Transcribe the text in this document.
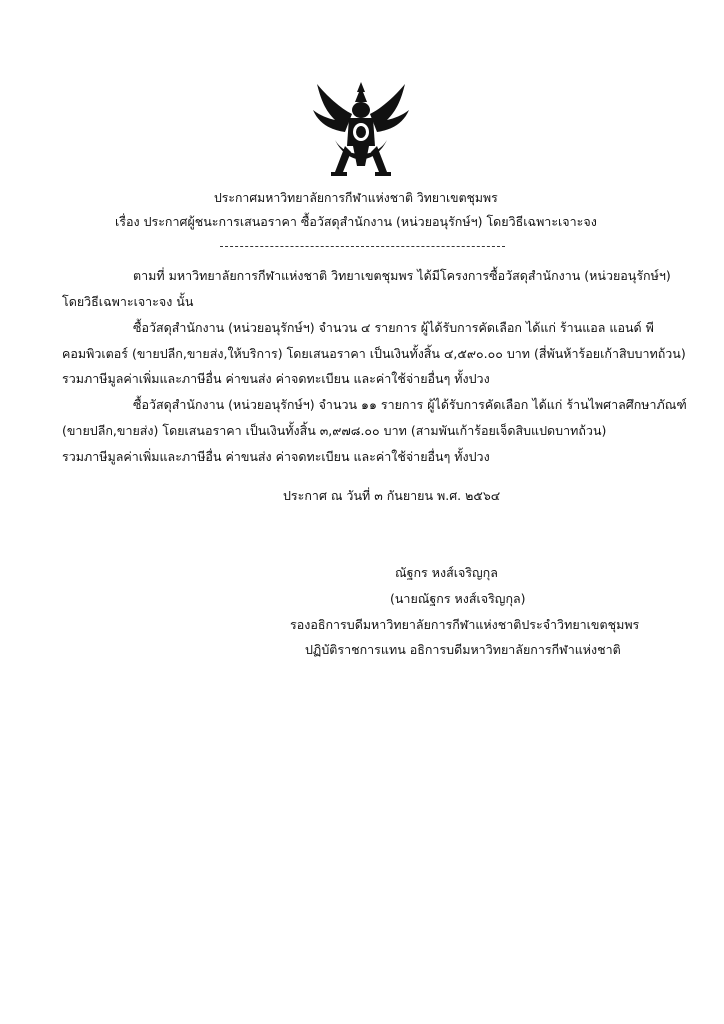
ประกาศมหาวิทยาลัยการกีฬาแห่งชาติ วิทยาเขตชุมพร
เรื่อง ประกาศผู้ชนะการเสนอราคา ซื้อวัสดุสำนักงาน (หน่วยอนุรักษ์ฯ) โดยวิธีเฉพาะเจาะจง
ตามที่ มหาวิทยาลัยการกีฬาแห่งชาติ วิทยาเขตชุมพร ได้มีโครงการซื้อวัสดุสำนักงาน (หน่วยอนุรักษ์ฯ)
โดยวิธีเฉพาะเจาะจง นั้น
ซื้อวัสดุสำนักงาน (หน่วยอนุรักษ์ฯ) จำนวน ๔ รายการ ผู้ได้รับการคัดเลือก ได้แก่ ร้านแอล แอนด์ พี
คอมพิวเตอร์ (ขายปลีก,ขายส่ง,ให้บริการ) โดยเสนอราคา เป็นเงินทั้งสิ้น ๔,๕๙๐.๐๐ บาท (สี่พันห้าร้อยเก้าสิบบาทถ้วน)
รวมภาษีมูลค่าเพิ่มและภาษีอื่น ค่าขนส่ง ค่าจดทะเบียน และค่าใช้จ่ายอื่นๆ ทั้งปวง
ซื้อวัสดุสำนักงาน (หน่วยอนุรักษ์ฯ) จำนวน ๑๑ รายการ ผู้ได้รับการคัดเลือก ได้แก่ ร้านไพศาลศึกษาภัณฑ์
(ขายปลีก,ขายส่ง) โดยเสนอราคา เป็นเงินทั้งสิ้น ๓,๙๗๘.๐๐ บาท (สามพันเก้าร้อยเจ็ดสิบแปดบาทถ้วน)
รวมภาษีมูลค่าเพิ่มและภาษีอื่น ค่าขนส่ง ค่าจดทะเบียน และค่าใช้จ่ายอื่นๆ ทั้งปวง
ประกาศ ณ วันที่ ๓ กันยายน พ.ศ. ๒๕๖๔
ณัฐกร หงส์เจริญกุล
(นายณัฐกร หงส์เจริญกุล)
รองอธิการบดีมหาวิทยาลัยการกีฬาแห่งชาติประจำวิทยาเขตชุมพร
ปฏิบัติราชการแทน อธิการบดีมหาวิทยาลัยการกีฬาแห่งชาติ
